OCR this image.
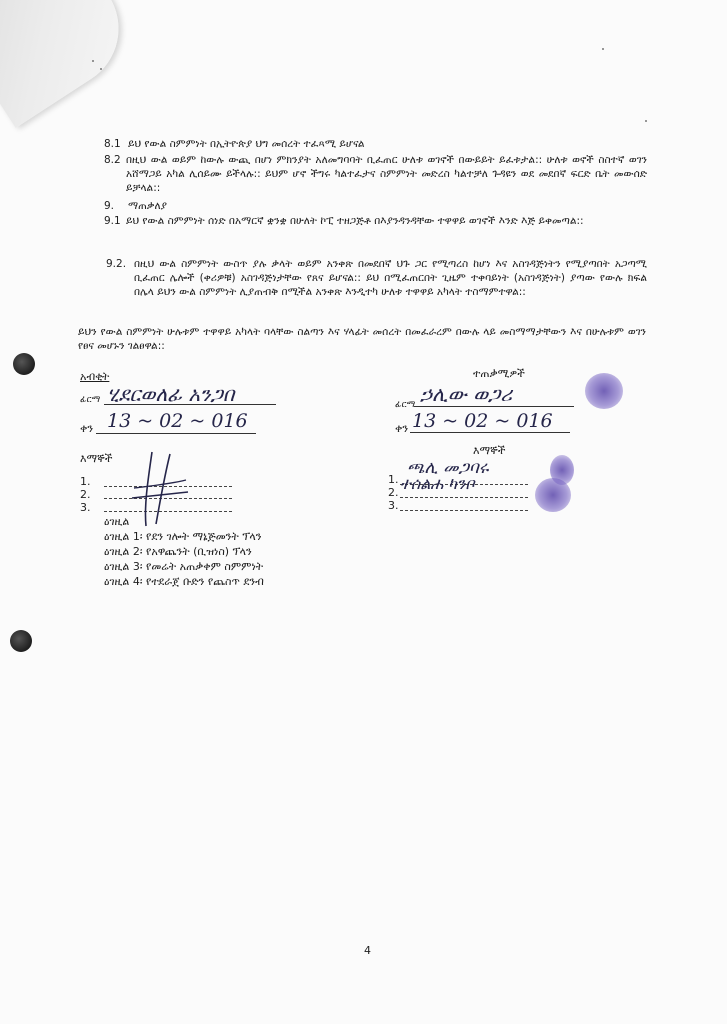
8.1 ይህ የውል ስምምነት በኢትዮጵያ ህግ መሰረት ተፈጻሚ ይሆናል
8.2 በዚህ ውል ወይም ከውሉ ውጪ በሆነ ምክንያት አለመግባባት ቢፈጠር ሁለቱ ወገኖች በውይይት ይፈቱታል:: ሁለቱ ወኖች ስስተኛ ወገን አሸማጋይ አካል ሊሰይሙ ይችላሉ:: ይህም ሆኖ ችግሩ ካልተፈታና ስምምነት መድረስ ካልተቻለ ጉዳዩን ወደ መደበኛ ፍርድ ቤት መውሰድ ይቻላል::
9. ማጠቃለያ
9.1 ይህ የውል ስምምነት ሰነድ በአማርኛ ቋንቋ በሁለት ኮፒ ተዘጋጅቶ በእያንዳንዳቸው ተዋዋይ ወገኖች እንድ እጅ ይቀመጣል::
9.2. በዚህ ውል ስምምነት ውስጥ ያሉ ቃላት ወይም አንቀጽ በመደበኛ ህጉ ጋር የሚጣረስ ከሆነ እና አስገዳጅነትን የሚያጣበት አጋጣሚ ቢፈጠር ሌሎች (ቀሪዎቹ) አስገዳጅነታቸው የጸና ይሆናል:: ይህ በሚፈጠርበት ጊዜም ተቀባይነት (አስገዳጅነት) ያጣው የውሉ ክፍል በሌላ ይህን ውል ስምምነት ሊያጠብቅ በሚችል አንቀጽ እንዲተካ ሁለቱ ተዋዋይ አካላት ተስማምተዋል::
ይህን የውል ስምምነት ሁሉቱም ተዋዋይ አካላት ባላቸው ስልጣን እና ሃላፊት መሰረት በመፈራረም በውሉ ላይ መስማማታቸውን እና በሁሉቱም ወገን የፀና መሆኑን ገልፀዋል::
አብቂት
ፊርማ ሂደርወለፊ አንጋበ
ቀን 13 ~ 02 ~ 016
ተጠቃሚዎች
ፊርማ ኃሊው ወጋሪ
ቀን 13 ~ 02 ~ 016
እማኞች
1.
2.
3.
እማኞች
1.
ጫሊ መጋባሩ
2. ተሰልሐ ካንቦ
3.
ዕገዚል
ዕገዚል 1፡ የደን ገሎት ማኔጅመንት ፕላን
ዕገዚል 2፡ የአዋጨንት (ቢዝነስ) ፕላን
ዕገዚል 3፡ የመሬት አጠቃቀም ስምምነት
ዕገዚል 4፡ የተደራጀ ቡድን የጨስጥ ደንብ
4
